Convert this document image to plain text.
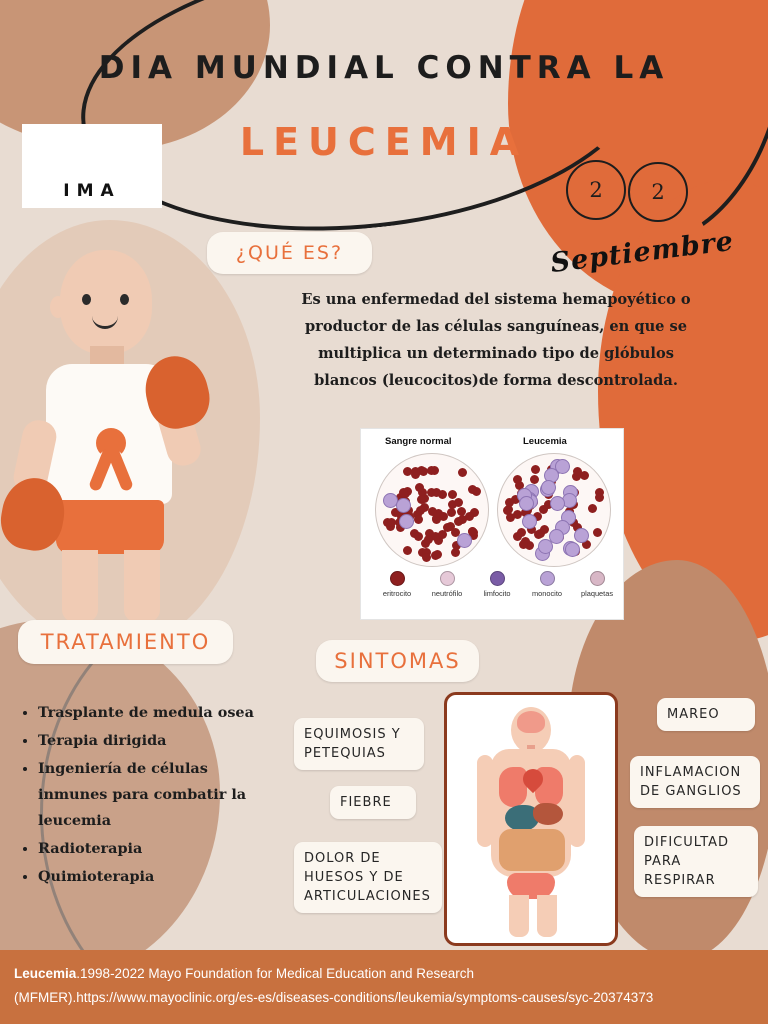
DIA MUNDIAL CONTRA LA
LEUCEMIA
IMA	2	2
Septiembre
¿QUÉ ES?
Es una enfermedad del sistema hemapoyético o productor de las células sanguíneas, en que se multiplica un determinado tipo de glóbulos blancos (leucocitos)de forma descontrolada.
Sangre normal	Leucemia
eritrocito	neutrófilo	limfocito	monocito	plaquetas
TRATAMIENTO
• Trasplante de medula osea
• Terapia dirigida
• Ingeniería de células inmunes para combatir la leucemia
• Radioterapia
• Quimioterapia
SINTOMAS
EQUIMOSIS Y PETEQUIAS
FIEBRE
DOLOR DE HUESOS Y DE ARTICULACIONES
MAREO
INFLAMACION DE GANGLIOS
DIFICULTAD PARA RESPIRAR
Leucemia.1998-2022 Mayo Foundation for Medical Education and Research
(MFMER).https://www.mayoclinic.org/es-es/diseases-conditions/leukemia/symptoms-causes/syc-20374373
